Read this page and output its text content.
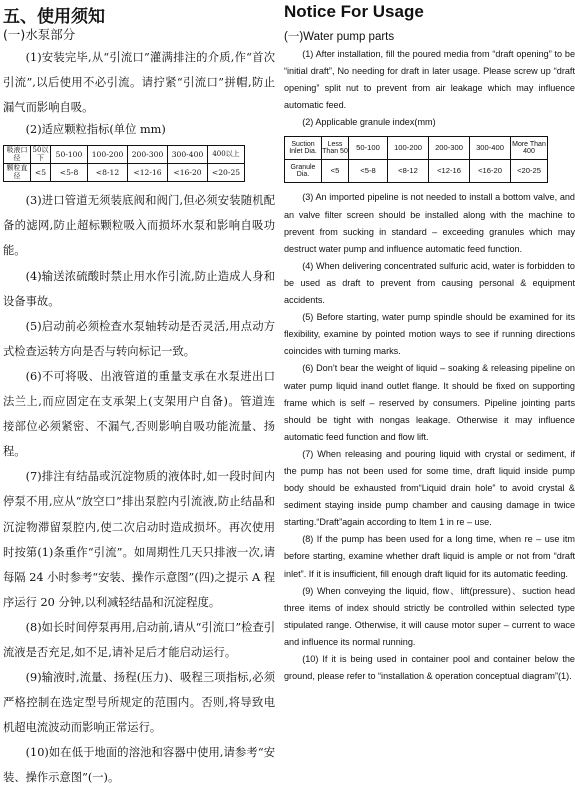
五、使用须知
(一)水泵部分

(1)安装完毕,从“引流口”灌满排注的介质,作“首次引流”,以后使用不必引流。请拧紧“引流口”拼帽,防止漏气而影响自吸。

(2)适应颗粒指标(单位 mm)

吸液口径	50以下	50-100	100-200	200-300	300-400	400以上
颗粒直径	<5	<5-8	<8-12	<12-16	<16-20	<20-25

(3)进口管道无须装底阀和阀门,但必须安装随机配备的滤网,防止超标颗粒吸入而损坏水泵和影响自吸功能。

(4)输送浓硫酸时禁止用水作引流,防止造成人身和设备事故。

(5)启动前必须检查水泵轴转动是否灵活,用点动方式检查运转方向是否与转向标记一致。

(6)不可将吸、出液管道的重量支承在水泵进出口法兰上,而应固定在支承架上(支架用户自备)。管道连接部位必须紧密、不漏气,否则影响自吸功能流量、扬程。

(7)排注有结晶或沉淀物质的液体时,如一段时间内停泵不用,应从“放空口”排出泵腔内引流液,防止结晶和沉淀物滞留泵腔内,使二次启动时造成损坏。再次使用时按第(1)条重作“引流”。如周期性几天只排液一次,请每隔 24 小时参考“安装、操作示意图”(四)之提示 A 程序运行 20 分钟,以利减轻结晶和沉淀程度。

(8)如长时间停泵再用,启动前,请从“引流口”检查引流液是否充足,如不足,请补足后才能启动运行。

(9)输液时,流量、扬程(压力)、吸程三项指标,必须严格控制在选定型号所规定的范围内。否则,将导致电机超电流波动而影响正常运行。

(10)如在低于地面的溶池和容器中使用,请参考“安装、操作示意图”(一)。

Notice For Usage
(一)Water pump parts

(1) After installation, fill the poured media from “draft opening” to be “initial draft”, No needing for draft in later usage. Please screw up “draft opening” split nut to prevent from air leakage which may influence automatic feed.

(2) Applicable granule index(mm)

Suction Inlet Dia.	Less Than 50	50-100	100-200	200-300	300-400	More Than 400
Granule Dia.	<5	<5-8	<8-12	<12-16	<16-20	<20-25

(3) An imported pipeline is not needed to install a bottom valve, and an valve filter screen should be installed along with the machine to prevent from sucking in standard – exceeding granules which may destruct water pump and influence automatic feed function.

(4) When delivering concentrated sulfuric acid, water is forbidden to be used as draft to prevent from causing personal & equipment accidents.

(5) Before starting, water pump spindle should be examined for its flexibility, examine by pointed motion ways to see if running directions coincides with turning marks.

(6) Don’t bear the weight of liquid – soaking & releasing pipeline on water pump liquid inand outlet flange. It should be fixed on supporting frame which is self – reserved by consumers. Pipeline jointing parts should be tight with nongas leakage. Otherwise it may influence automatic feed function and flow lift.

(7) When releasing and pouring liquid with crystal or sediment, if the pump has not been used for some time, draft liquid inside pump body should be exhausted from“Liquid drain hole” to avoid crystal & sediment staying inside pump chamber and causing damage in twice starting.“Draft”again according to Item 1 in re – use.

(8) If the pump has been used for a long time, when re – use itm before starting, examine whether draft liquid is ample or not from “draft inlet”. If it is insufficient, fill enough draft liquid for its automatic feeding.

(9) When conveying the liquid, flow、lift(pressure)、suction head three items of index should strictly be controlled within selected type stipulated range. Otherwise, it will cause motor super – current to wace and influence its normal running.

(10) If it is being used in container pool and container below the ground, please refer to “installation & operation conceptual diagram”(1).
